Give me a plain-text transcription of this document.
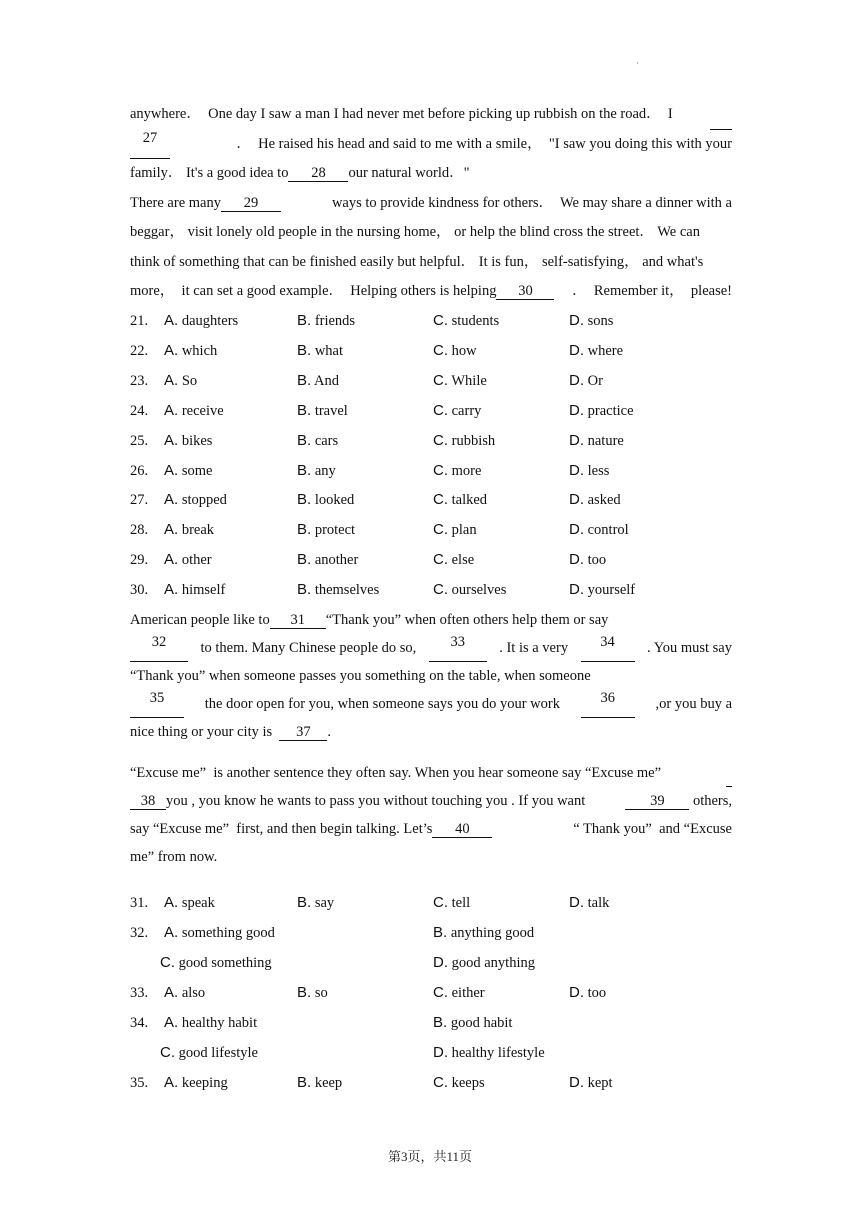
·
anywhere．  One day I saw a man I had never met before picking up rubbish on the road．  I
27	．  He raised his head and said to me with a smile，  "I saw you doing this with your
family． It's a good idea to 28 our natural world．"
There are many 29	ways to provide kindness for others．  We may share a dinner with a
beggar， visit lonely old people in the nursing home， or help the blind cross the street． We can
think of something that can be finished easily but helpful． It is fun， self-satisfying， and what's
more，  it can set a good example．  Helping others is helping 30	．  Remember it，  please!
21. A. daughters	B. friends	C. students	D. sons
22. A. which	B. what	C. how	D. where
23. A. So	B. And	C. While	D. Or
24. A. receive	B. travel	C. carry	D. practice
25. A. bikes	B. cars	C. rubbish	D. nature
26. A. some	B. any	C. more	D. less
27. A. stopped	B. looked	C. talked	D. asked
28. A. break	B. protect	C. plan	D. control
29. A. other	B. another	C. else	D. too
30. A. himself	B. themselves	C. ourselves	D. yourself
American people like to 31 “Thank you” when often others help them or say
32	to them. Many Chinese people do so,	33	. It is a very	34	. You must say
“Thank you” when someone passes you something on the table, when someone
35	the door open for you, when someone says you do your work	36	,or you buy a
nice thing or your city is 37 .
“Excuse me”  is another sentence they often say. When you hear someone say “Excuse me”
38 you , you know he wants to pass you without touching you . If you want	39 others,
say “Excuse me”  first, and then begin talking. Let’s 40	“ Thank you”  and “Excuse
me” from now.
31. A. speak	B. say	C. tell	D. talk
32. A. something good	B. anything good
C. good something	D. good anything
33. A. also	B. so	C. either	D. too
34. A. healthy habit	B. good habit
C. good lifestyle	D. healthy lifestyle
35. A. keeping	B. keep	C. keeps	D. kept
第3页，共11页
